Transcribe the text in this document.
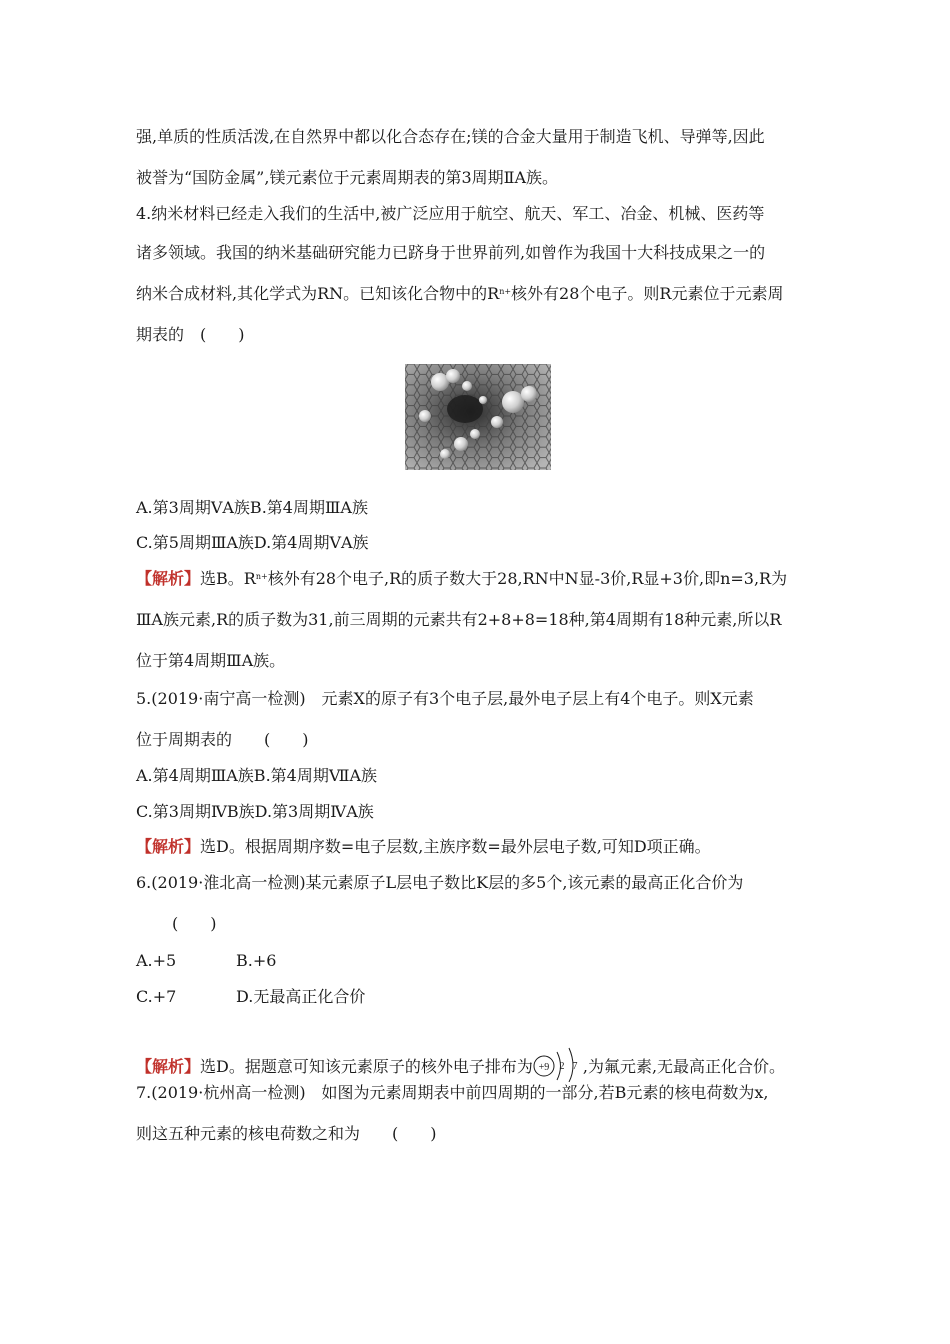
强,单质的性质活泼,在自然界中都以化合态存在;镁的合金大量用于制造飞机、导弹等,因此
被誉为“国防金属”,镁元素位于元素周期表的第3周期ⅡA族。
4.纳米材料已经走入我们的生活中,被广泛应用于航空、航天、军工、冶金、机械、医药等
诸多领域。我国的纳米基础研究能力已跻身于世界前列,如曾作为我国十大科技成果之一的
纳米合成材料,其化学式为RN。已知该化合物中的$R^{n+}$核外有28个电子。则R元素位于元素周
期表的　(　　)
A.第3周期ⅤA族B.第4周期ⅢA族
C.第5周期ⅢA族D.第4周期ⅤA族
【解析】选B。$R^{n+}$核外有28个电子,R的质子数大于28,RN中N显-3价,R显+3价,即n=3,R为
ⅢA族元素,R的质子数为31,前三周期的元素共有2+8+8=18种,第4周期有18种元素,所以R
位于第4周期ⅢA族。
5.(2019·南宁高一检测)　元素X的原子有3个电子层,最外电子层上有4个电子。则X元素
位于周期表的　　(　　)
A.第4周期ⅢA族B.第4周期ⅦA族
C.第3周期ⅣB族D.第3周期ⅣA族
【解析】选D。根据周期序数=电子层数,主族序数=最外层电子数,可知D项正确。
6.(2019·淮北高一检测)某元素原子L层电子数比K层的多5个,该元素的最高正化合价为
(　　)
A.+5	B.+6
C.+7	D.无最高正化合价
【解析】选D。据题意可知该元素原子的核外电子排布为 +9 2 7 ,为氟元素,无最高正化合价。
7.(2019·杭州高一检测)　如图为元素周期表中前四周期的一部分,若B元素的核电荷数为x,
则这五种元素的核电荷数之和为　　(　　)
